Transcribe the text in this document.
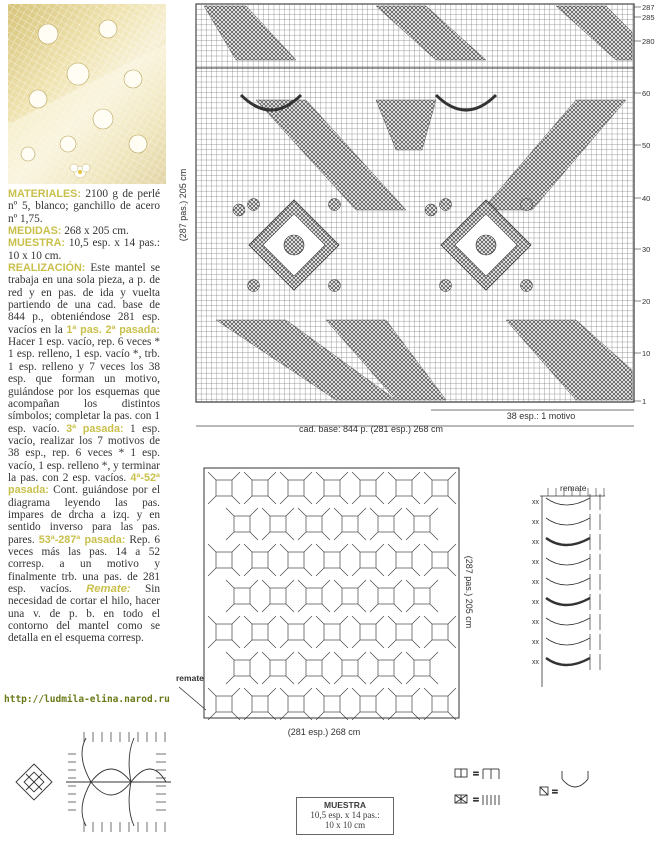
MATERIALES: 2100 g de perlé nº 5, blanco; ganchillo de acero nº 1,75.

MEDIDAS: 268 x 205 cm.

MUESTRA: 10,5 esp. x 14 pas.: 10 x 10 cm.

REALIZACIÓN: Este mantel se trabaja en una sola pieza, a p. de red y en pas. de ida y vuelta partiendo de una cad. base de 844 p., obteniéndose 281 esp. vacíos en la 1ª pas. 2ª pasada: Hacer 1 esp. vacío, rep. 6 veces * 1 esp. relleno, 1 esp. vacío *, trb. 1 esp. relleno y 7 veces los 38 esp. que forman un motivo, guiándose por los esquemas que acompañan los distintos símbolos; completar la pas. con 1 esp. vacío. 3ª pasada: 1 esp. vacío, realizar los 7 motivos de 38 esp., rep. 6 veces * 1 esp. vacío, 1 esp. relleno *, y terminar la pas. con 2 esp. vacíos. 4ª-52ª pasada: Cont. guiándose por el diagrama leyendo las pas. impares de drcha a izq. y en sentido inverso para las pas. pares. 53ª-287ª pasada: Rep. 6 veces más las pas. 14 a 52 corresp. a un motivo y finalmente trb. una pas. de 281 esp. vacíos. Remate: Sin necesidad de cortar el hilo, hacer una v. de p. b. en todo el contorno del mantel como se detalla en el esquema corresp.

http://ludmila-elina.narod.ru
287
285
280
60
50
40
30
20
10
1
(287 pas.) 205 cm
38 esp.: 1 motivo
cad. base: 844 p. (281 esp.) 268 cm
(287 pas.) 205 cm
(281 esp.) 268 cm
remate
remate
xx
xx
xx
xx
xx
xx
xx
xx
xx
=
=
=
MUESTRA
10,5 esp. x 14 pas.:
10 x 10 cm
